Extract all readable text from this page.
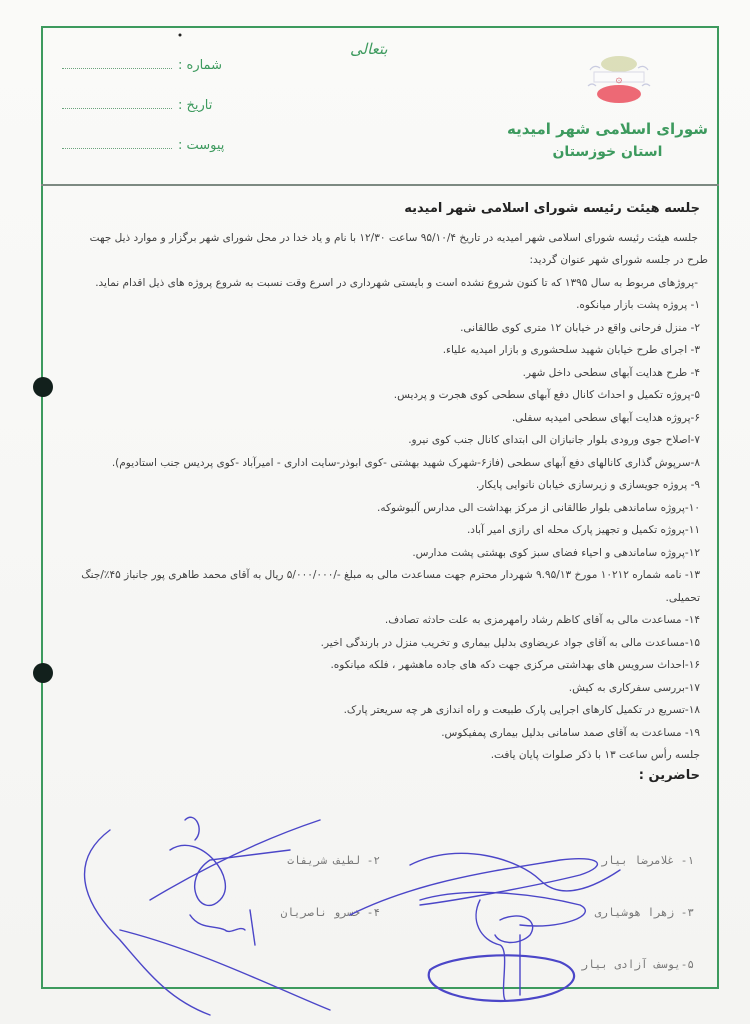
بتعالی
شماره :
تاریخ :
پیوست :
۞
شورای اسلامی شهر امیدیه
استان خوزستان
جلسه هیئت رئیسه شورای اسلامی شهر امیدیه
جلسه هیئت رئیسه شورای اسلامی شهر امیدیه در تاریخ ۹۵/۱۰/۴ ساعت ۱۲/۳۰ با نام و یاد خدا در محل شورای شهر برگزار و موارد ذیل جهت طرح در جلسه شورای شهر عنوان گردید:
-پروژهای مربوط به سال ۱۳۹۵ که تا کنون شروع نشده است و بایستی شهرداری در اسرع وقت نسبت به شروع پروژه های ذیل اقدام نماید.
۱- پروژه پشت بازار میانکوه.
۲- منزل فرحانی واقع در خیابان ۱۲ متری کوی طالقانی.
۳- اجرای طرح خیابان شهید سلحشوری و بازار امیدیه علیاء.
۴- طرح هدایت آبهای سطحی داخل شهر.
۵-پروژه تکمیل و احداث کانال دفع آبهای سطحی کوی هجرت و پردیس.
۶-پروژه هدایت آبهای سطحی امیدیه سفلی.
۷-اصلاح جوی ورودی بلوار جانبازان الی ابتدای کانال جنب کوی نیرو.
۸-سرپوش گذاری کانالهای دفع آبهای سطحی (فاز۶-شهرک شهید بهشتی -کوی ابوذر-سایت اداری - امیرآباد -کوی پردیس جنب استادیوم).
۹- پروژه جویسازی و زیرسازی خیابان نانوایی پایکار.
۱۰-پروژه ساماندهی بلوار طالقانی از مرکز بهداشت الی مدارس آلبوشوکه.
۱۱-پروژه تکمیل و تجهیز پارک محله ای رازی امیر آباد.
۱۲-پروژه ساماندهی و احیاء فضای سبز کوی بهشتی پشت مدارس.
۱۳- نامه شماره ۱۰۲۱۲ مورخ ۹.۹۵/۱۳ شهردار محترم جهت مساعدت مالی به مبلغ -/۵/۰۰۰/۰۰۰ ریال به آقای محمد طاهری پور جانباز ۴۵٪/جنگ تحمیلی.
۱۴- مساعدت مالی به آقای کاظم رشاد رامهرمزی به علت حادثه تصادف.
۱۵-مساعدت مالی به آقای جواد عریضاوی بدلیل بیماری و تخریب منزل در بارندگی اخیر.
۱۶-احداث سرویس های بهداشتی مرکزی جهت دکه های جاده ماهشهر ، فلکه میانکوه.
۱۷-بررسی سفرکاری به کیش.
۱۸-تسریع در تکمیل کارهای اجرایی پارک طبیعت و راه اندازی هر چه سریعتر پارک.
۱۹- مساعدت به آقای صمد سامانی بدلیل بیماری پمفیکوس.
جلسه رأس ساعت ۱۳ با ذکر صلوات پایان یافت.
حاضرین :
۱- غلامرضا بیار
۲- لطیف شریفات
۳- زهرا هوشیاری
۴- خسرو ناصریان
۵-یوسف آزادی بیار
